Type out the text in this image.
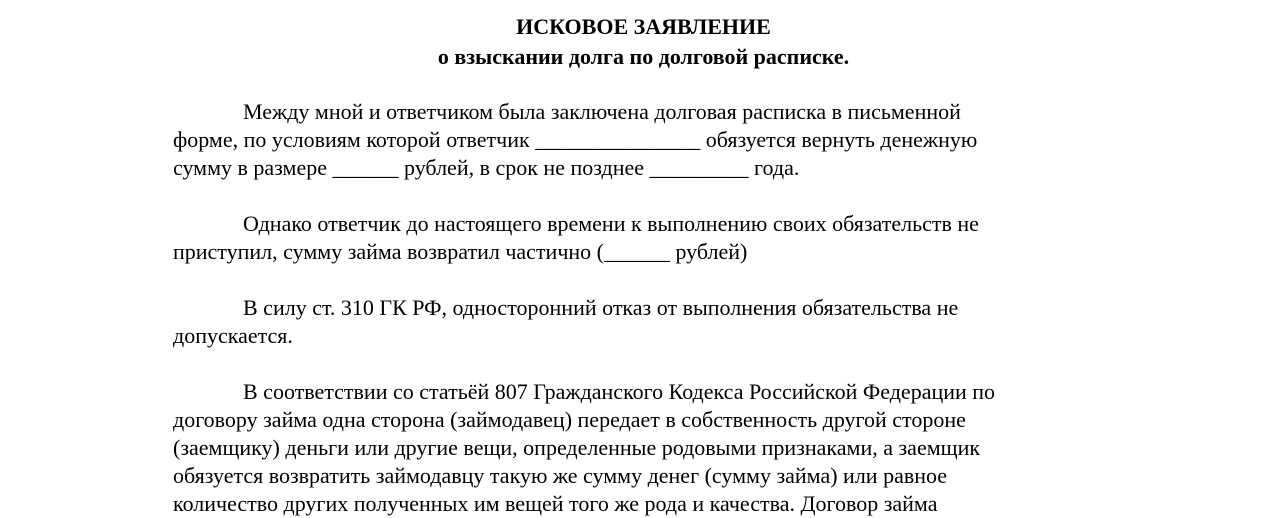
ИСКОВОЕ ЗАЯВЛЕНИЕ
о взыскании долга по долговой расписке.
Между мной и ответчиком была заключена долговая расписка в письменной
форме, по условиям которой ответчик _______________ обязуется вернуть денежную
сумму в размере ______ рублей, в срок не позднее _________ года.
Однако ответчик до настоящего времени к выполнению своих обязательств не
приступил, сумму займа возвратил частично (______ рублей)
В силу ст. 310 ГК РФ, односторонний отказ от выполнения обязательства не
допускается.
В соответствии со статьёй 807 Гражданского Кодекса Российской Федерации по
договору займа одна сторона (займодавец) передает в собственность другой стороне
(заемщику) деньги или другие вещи, определенные родовыми признаками, а заемщик
обязуется возвратить займодавцу такую же сумму денег (сумму займа) или равное
количество других полученных им вещей того же рода и качества. Договор займа
